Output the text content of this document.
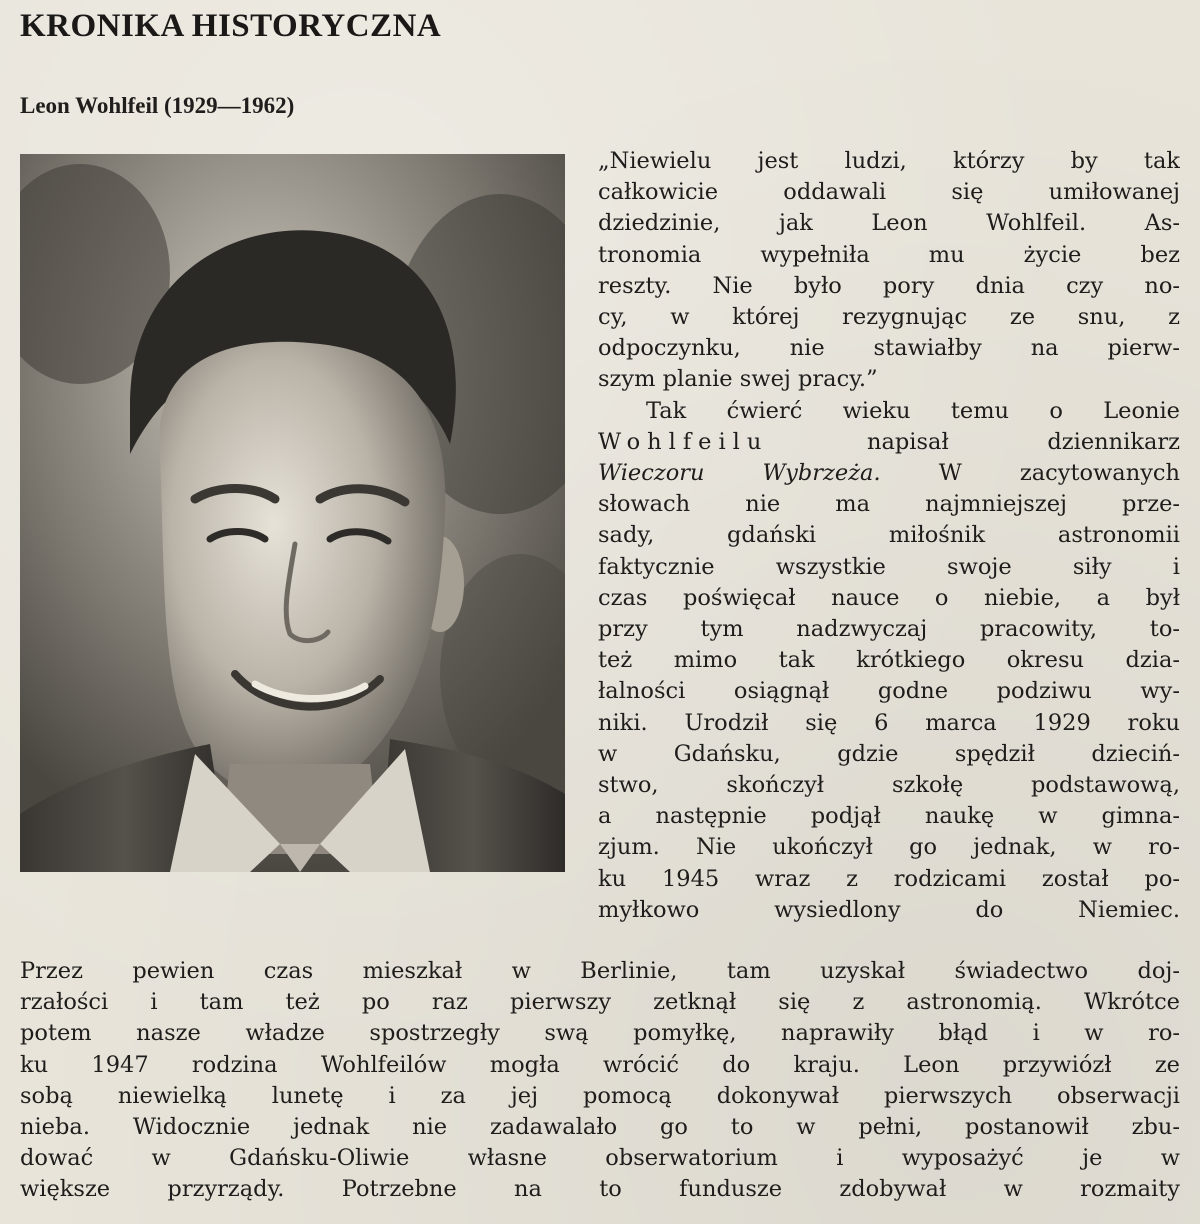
KRONIKA HISTORYCZNA
Leon Wohlfeil (1929—1962)
„Niewielu jest ludzi, którzy by tak
całkowicie oddawali się umiłowanej
dziedzinie, jak Leon Wohlfeil. As-
tronomia wypełniła mu życie bez
reszty. Nie było pory dnia czy no-
cy, w której rezygnując ze snu, z
odpoczynku, nie stawiałby na pierw-
szym planie swej pracy.”
Tak ćwierć wieku temu o Leonie
Wohlfeilu	napisał dziennikarz
Wieczoru Wybrzeża.	W zacytowanych
słowach nie ma najmniejszej prze-
sady, gdański miłośnik astronomii
faktycznie wszystkie swoje siły i
czas poświęcał nauce o niebie, a był
przy tym nadzwyczaj pracowity, to-
też mimo tak krótkiego okresu dzia-
łalności osiągnął godne podziwu wy-
niki. Urodził się 6 marca 1929 roku
w Gdańsku, gdzie spędził dzieciń-
stwo, skończył szkołę podstawową,
a następnie podjął naukę w gimna-
zjum. Nie ukończył go jednak, w ro-
ku 1945 wraz z rodzicami został po-
myłkowo wysiedlony do Niemiec.
Przez pewien czas mieszkał w Berlinie, tam uzyskał świadectwo doj-
rzałości i tam też po raz pierwszy zetknął się z astronomią. Wkrótce
potem nasze władze spostrzegły swą pomyłkę, naprawiły błąd i w ro-
ku 1947 rodzina Wohlfeilów mogła wrócić do kraju. Leon przywiózł ze
sobą niewielką lunetę i za jej pomocą dokonywał pierwszych obserwacji
nieba. Widocznie jednak nie zadawalało go to w pełni, postanowił zbu-
dować w Gdańsku-Oliwie własne obserwatorium i wyposażyć je w
większe przyrządy. Potrzebne na to fundusze zdobywał w rozmaity
